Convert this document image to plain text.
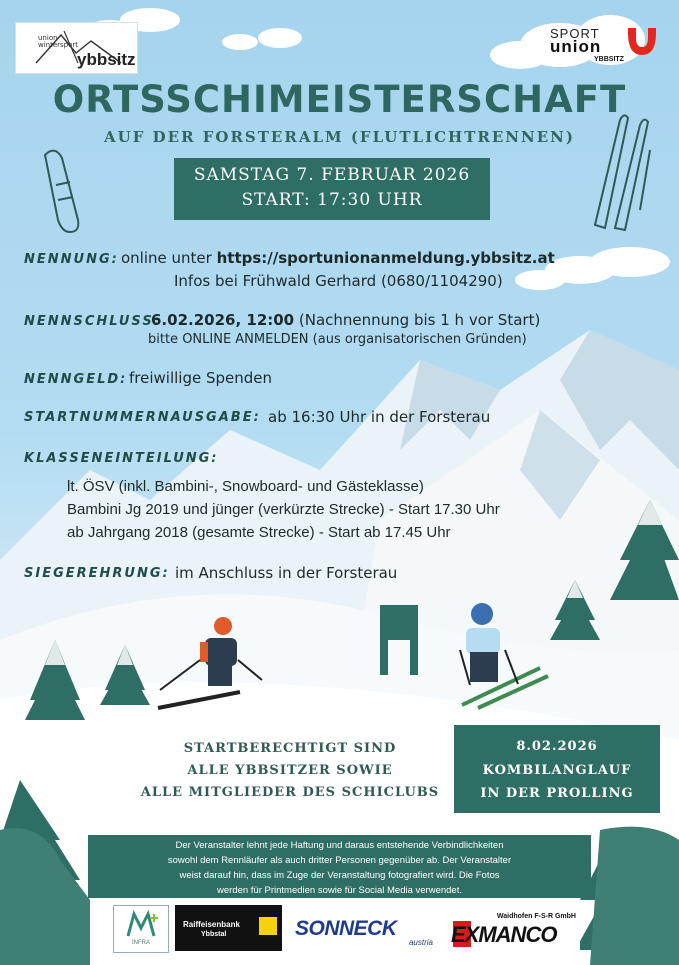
union
wintersport
ybbsitz
SPORT
union
YBBSITZ
ORTSSCHIMEISTERSCHAFT
AUF DER FORSTERALM (FLUTLICHTRENNEN)
SAMSTAG 7. FEBRUAR 2026
START: 17:30 UHR
NENNUNG: online unter https://sportunionanmeldung.ybbsitz.at
Infos bei Frühwald Gerhard (0680/1104290)
NENNSCHLUSS:
6.02.2026, 12:00 (Nachnennung bis 1 h vor Start)
bitte ONLINE ANMELDEN (aus organisatorischen Gründen)
NENNGELD: freiwillige Spenden
STARTNUMMERNAUSGABE: ab 16:30 Uhr in der Forsterau
KLASSENEINTEILUNG:
lt. ÖSV (inkl. Bambini-, Snowboard- und Gästeklasse)
Bambini Jg 2019 und jünger (verkürzte Strecke) - Start 17.30 Uhr
ab Jahrgang 2018 (gesamte Strecke) - Start ab 17.45 Uhr
SIEGEREHRUNG: im Anschluss in der Forsterau
STARTBERECHTIGT SIND
ALLE YBBSITZER SOWIE
ALLE MITGLIEDER DES SCHICLUBS
8.02.2026
KOMBILANGLAUF
IN DER PROLLING
Der Veranstalter lehnt jede Haftung und daraus entstehende Verbindlichkeiten
sowohl dem Rennläufer als auch dritter Personen gegenüber ab. Der Veranstalter
weist darauf hin, dass im Zuge der Veranstaltung fotografiert wird. Die Fotos
werden für Printmedien sowie für Social Media verwendet.
INFRA
Raiffeisenbank
Ybbstal	SONNECK
austria
Waidhofen F-S-R GmbH
EXMANCO
